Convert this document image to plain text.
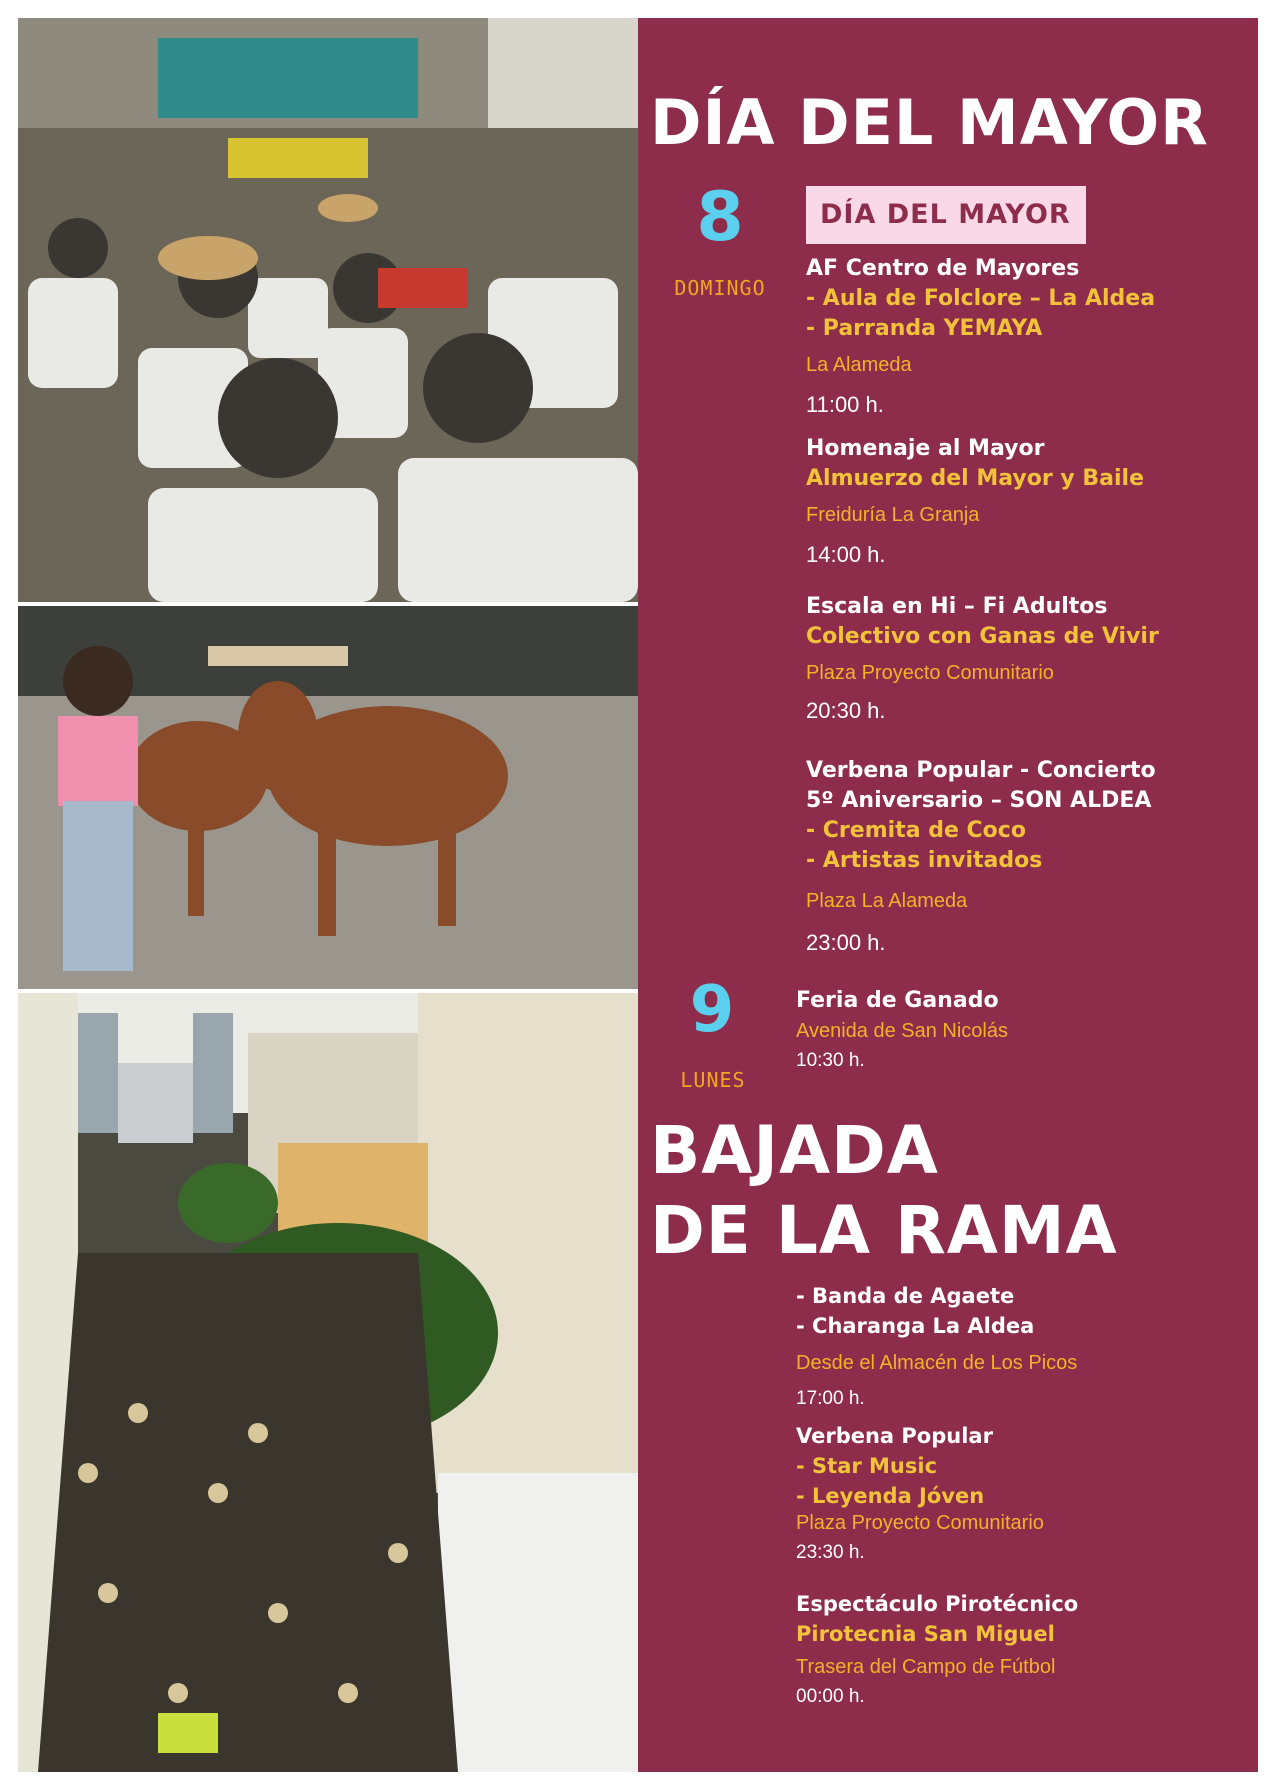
DÍA DEL MAYOR
8
DOMINGO
DÍA DEL MAYOR
AF Centro de Mayores
- Aula de Folclore – La Aldea
- Parranda YEMAYA
La Alameda
11:00 h.
Homenaje al Mayor
Almuerzo del Mayor y Baile
Freiduría La Granja
14:00 h.
Escala en Hi – Fi Adultos
Colectivo con Ganas de Vivir
Plaza Proyecto Comunitario
20:30 h.
Verbena Popular - Concierto
5º Aniversario – SON ALDEA
- Cremita de Coco
- Artistas invitados
Plaza La Alameda
23:00 h.
9
LUNES
Feria de Ganado
Avenida de San Nicolás
10:30 h.
BAJADA
DE LA RAMA
- Banda de Agaete
- Charanga La Aldea
Desde el Almacén de Los Picos
17:00 h.
Verbena Popular
- Star Music
- Leyenda Jóven
Plaza Proyecto Comunitario
23:30 h.
Espectáculo Pirotécnico
Pirotecnia San Miguel
Trasera del Campo de Fútbol
00:00 h.
